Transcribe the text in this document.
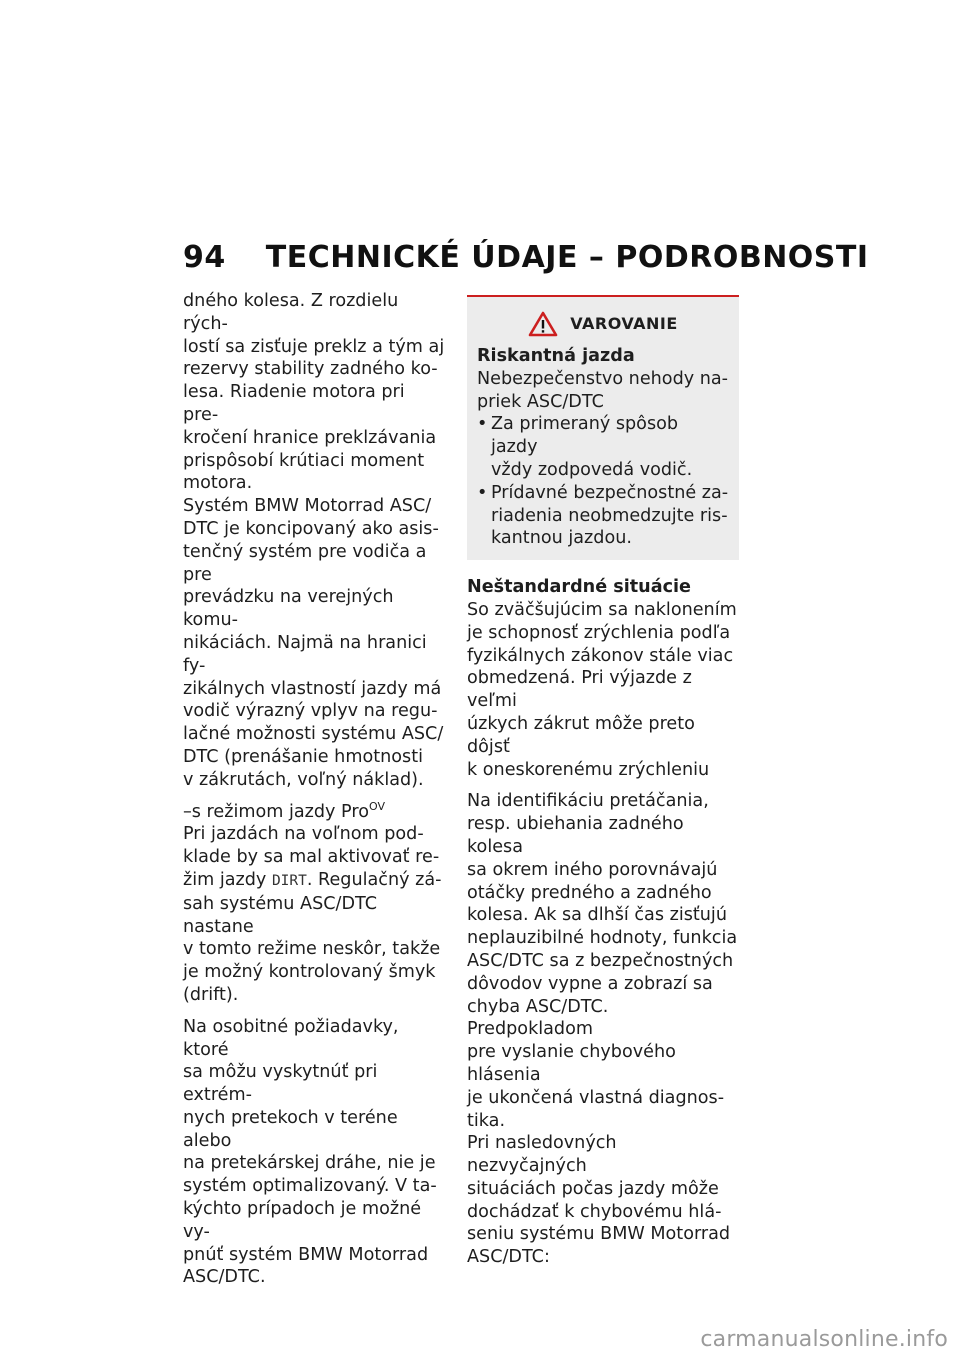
94 TECHNICKÉ ÚDAJE – PODROBNOSTI

dného kolesa. Z rozdielu rých-
lostí sa zisťuje preklz a tým aj
rezervy stability zadného ko-
lesa. Riadenie motora pri pre-
kročení hranice preklzávania
prispôsobí krútiaci moment
motora.

Systém BMW Motorrad ASC/
DTC je koncipovaný ako asis-
tenčný systém pre vodiča a pre
prevádzku na verejných komu-
nikáciách. Najmä na hranici fy-
zikálnych vlastností jazdy má
vodič výrazný vplyv na regu-
lačné možnosti systému ASC/
DTC (prenášanie hmotnosti
v zákrutách, voľný náklad).

–s režimom jazdy Pro$^{OV}$
Pri jazdách na voľnom pod-
klade by sa mal aktivovať re-
žim jazdy DIRT. Regulačný zá-
sah systému ASC/DTC nastane
v tomto režime neskôr, takže
je možný kontrolovaný šmyk
(drift).

Na osobitné požiadavky, ktoré
sa môžu vyskytnúť pri extrém-
nych pretekoch v teréne alebo
na pretekárskej dráhe, nie je
systém optimalizovaný. V ta-
kýchto prípadoch je možné vy-
pnúť systém BMW Motorrad
ASC/DTC.

VAROVANIE
Riskantná jazda
Nebezpečenstvo nehody na-
priek ASC/DTC
• Za primeraný spôsob jazdy
vždy zodpovedá vodič.
• Prídavné bezpečnostné za-
riadenia neobmedzujte ris-
kantnou jazdou.
Neštandardné situácie

So zväčšujúcim sa naklonením
je schopnosť zrýchlenia podľa
fyzikálnych zákonov stále viac
obmedzená. Pri výjazde z veľmi
úzkych zákrut môže preto dôjsť
k oneskorenému zrýchleniu

Na identifikáciu pretáčania,
resp. ubiehania zadného kolesa
sa okrem iného porovnávajú
otáčky predného a zadného
kolesa. Ak sa dlhší čas zisťujú
neplauzibilné hodnoty, funkcia
ASC/DTC sa z bezpečnostných
dôvodov vypne a zobrazí sa
chyba ASC/DTC. Predpokladom
pre vyslanie chybového hlásenia
je ukončená vlastná diagnos-
tika.

Pri nasledovných nezvyčajných
situáciách počas jazdy môže
dochádzať k chybovému hlá-
seniu systému BMW Motorrad
ASC/DTC:

carmanualsonline.info
